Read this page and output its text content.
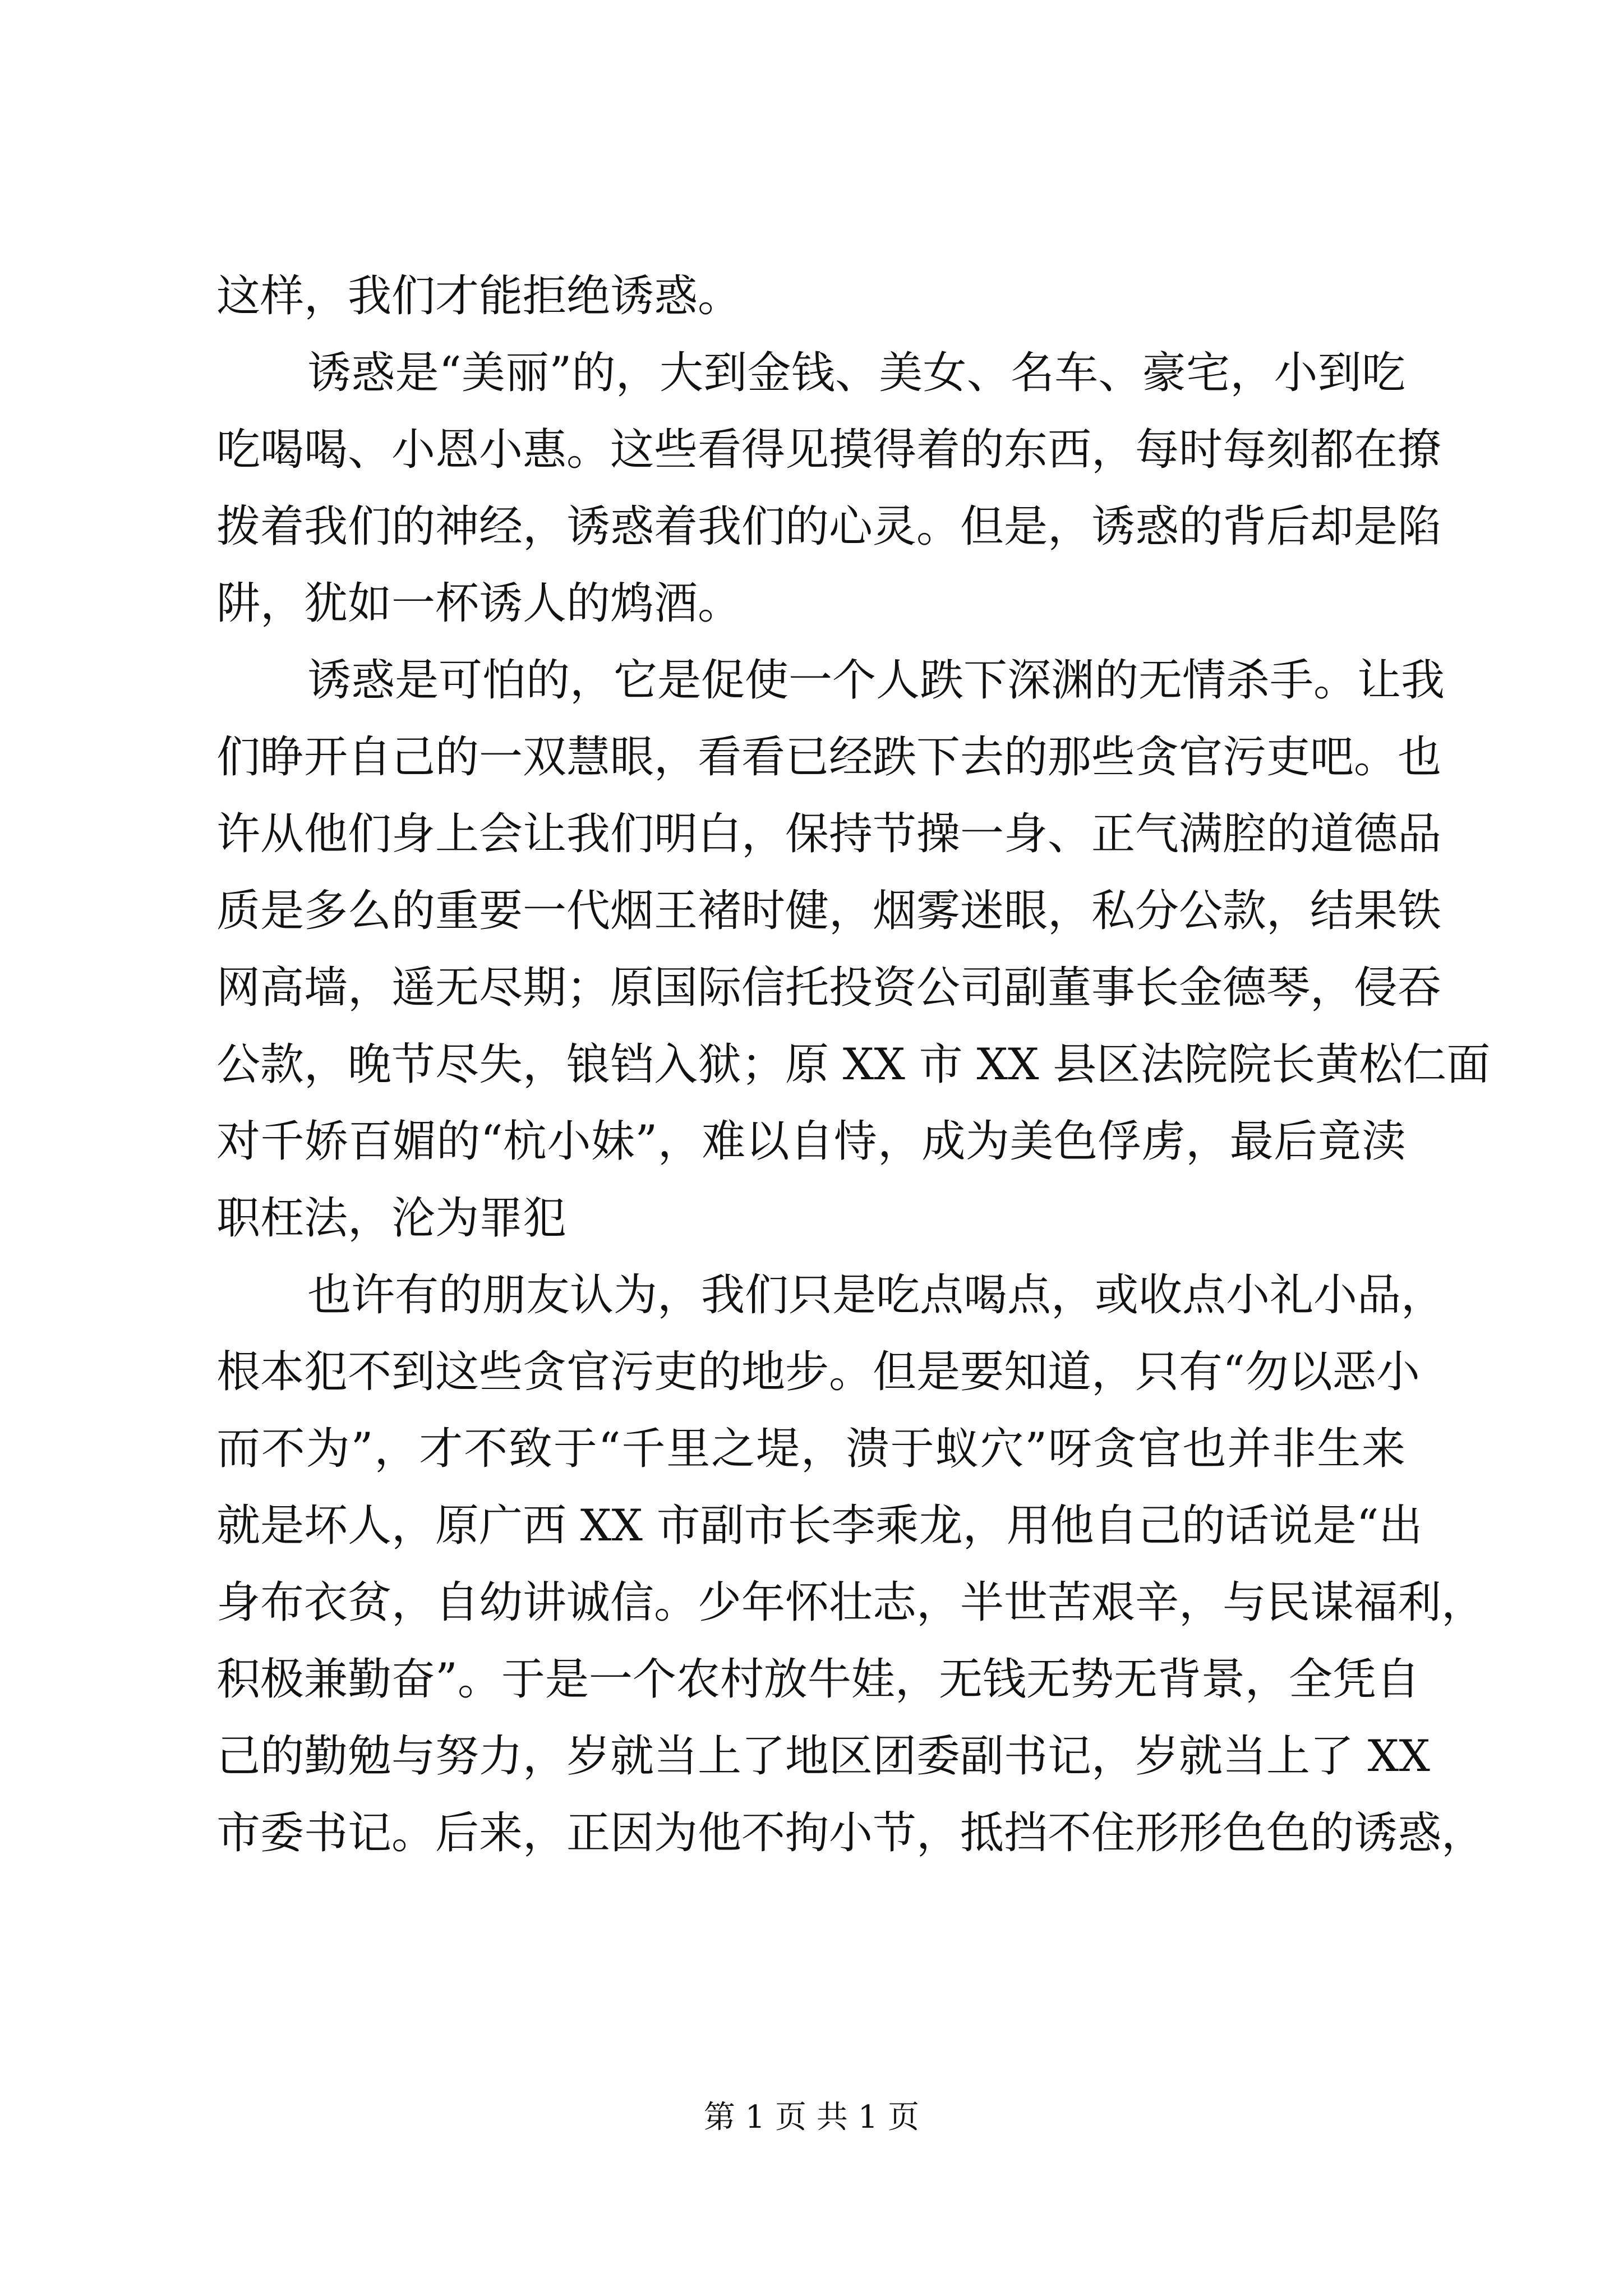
这样，我们才能拒绝诱惑。
诱惑是“美丽”的，大到金钱、美女、名车、豪宅，小到吃
吃喝喝、小恩小惠。这些看得见摸得着的东西，每时每刻都在撩
拨着我们的神经，诱惑着我们的心灵。但是，诱惑的背后却是陷
阱，犹如一杯诱人的鸩酒。
诱惑是可怕的，它是促使一个人跌下深渊的无情杀手。让我
们睁开自己的一双慧眼，看看已经跌下去的那些贪官污吏吧。也
许从他们身上会让我们明白，保持节操一身、正气满腔的道德品
质是多么的重要一代烟王褚时健，烟雾迷眼，私分公款，结果铁
网高墙，遥无尽期；原国际信托投资公司副董事长金德琴，侵吞
公款，晚节尽失，锒铛入狱；原 XX 市 XX 县区法院院长黄松仁面
对千娇百媚的“杭小妹”，难以自恃，成为美色俘虏，最后竟渎
职枉法，沦为罪犯
也许有的朋友认为，我们只是吃点喝点，或收点小礼小品，
根本犯不到这些贪官污吏的地步。但是要知道，只有“勿以恶小
而不为”，才不致于“千里之堤，溃于蚁穴”呀贪官也并非生来
就是坏人，原广西 XX 市副市长李乘龙，用他自己的话说是“出
身布衣贫，自幼讲诚信。少年怀壮志，半世苦艰辛，与民谋福利，
积极兼勤奋”。于是一个农村放牛娃，无钱无势无背景，全凭自
己的勤勉与努力，岁就当上了地区团委副书记，岁就当上了 XX
市委书记。后来，正因为他不拘小节，抵挡不住形形色色的诱惑，
第 1 页 共 1 页
